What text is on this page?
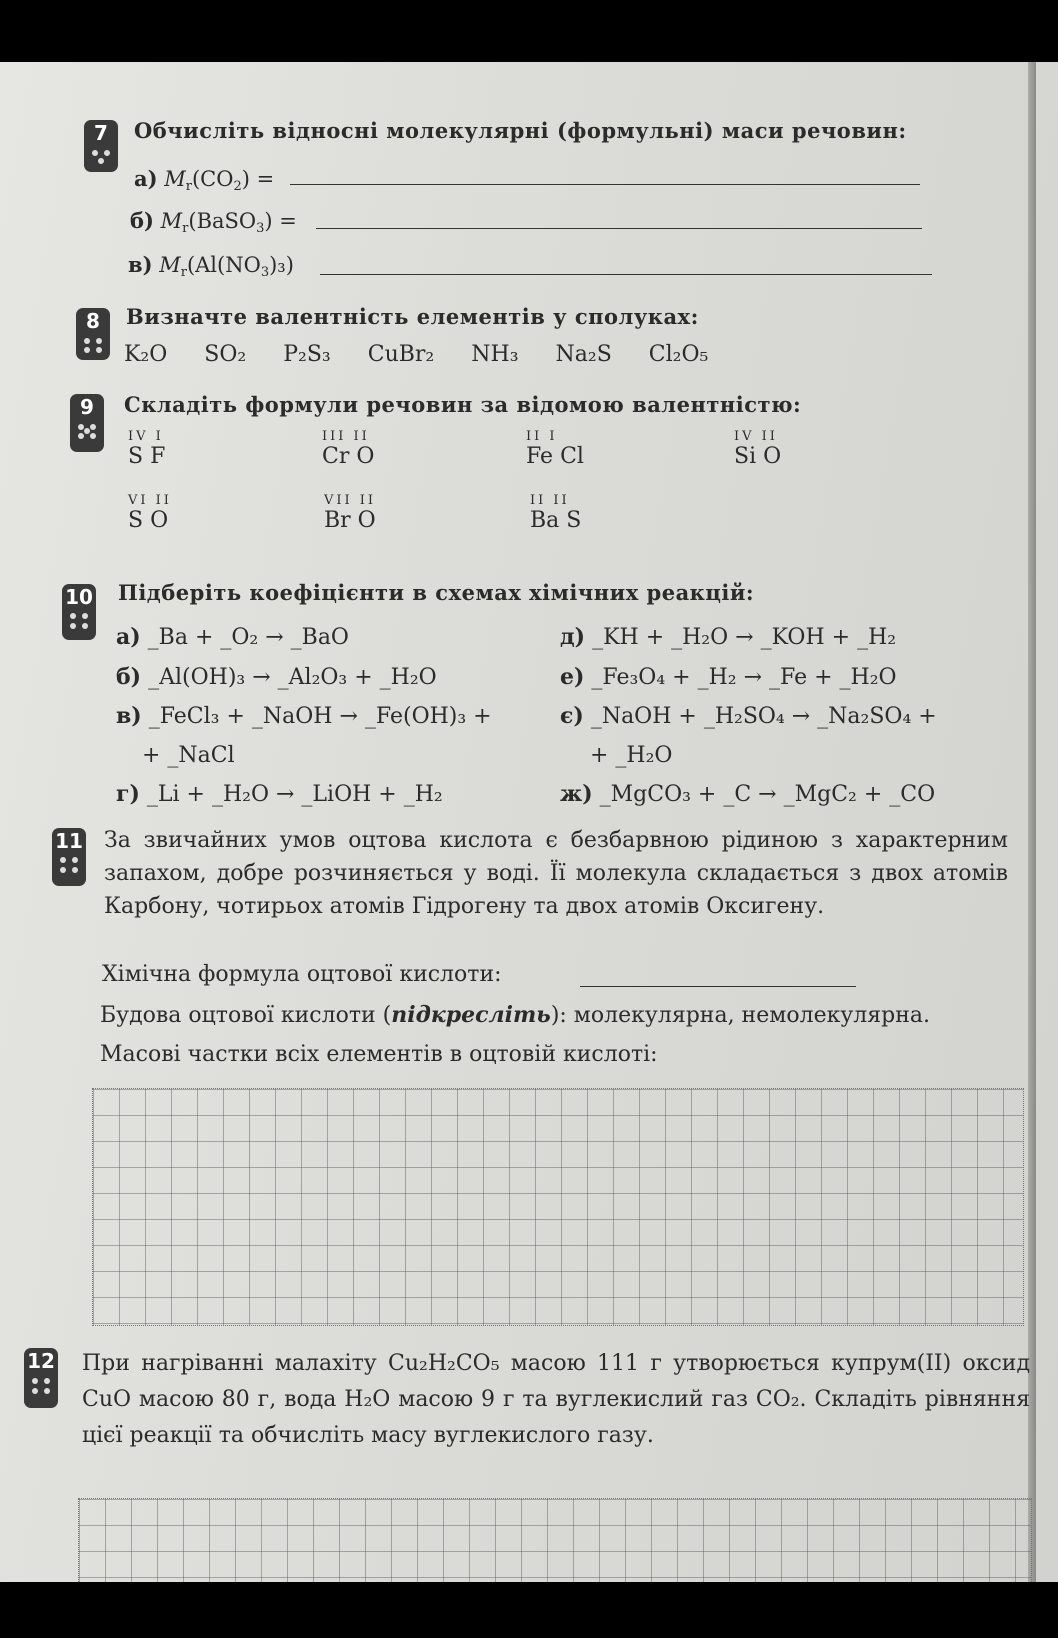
7	Обчисліть відносні молекулярні (формульні) маси речовин:
а) $M_r(CO_2)$ =
б) $M_r(BaSO_3)$ =
в) $M_r(Al(NO_3)_3)$
8	Визначте валентність елементів у сполуках:
K₂O SO₂ P₂S₃ CuBr₂ NH₃ Na₂S Cl₂O₅
9	Складіть формули речовин за відомою валентністю:
IV I
S F
III II
Cr O
II I
Fe Cl
IV II
Si O
VI II
S O
VII II
Br O
II II
Ba S
10 Підберіть коефіцієнти в схемах хімічних реакцій:
а) _Ba + _O₂ → _BaO
б) _Al(OH)₃ → _Al₂O₃ + _H₂O
в) _FeCl₃ + _NaOH → _Fe(OH)₃ +
+ _NaCl
г) _Li + _H₂O → _LiOH + _H₂
д) _KH + _H₂O → _KOH + _H₂
е) _Fe₃O₄ + _H₂ → _Fe + _H₂O
є) _NaOH + _H₂SO₄ → _Na₂SO₄ +
+ _H₂O
ж) _MgCO₃ + _C → _MgC₂ + _CO
11 За звичайних умов оцтова кислота є безбарвною рідиною з характерним запахом, добре розчиняється у воді. Її молекула складається з двох атомів Карбону, чотирьох атомів Гідрогену та двох атомів Оксигену.
Хімічна формула оцтової кислоти:
Будова оцтової кислоти (підкресліть): молекулярна, немолекулярна.
Масові частки всіх елементів в оцтовій кислоті:
12 При нагріванні малахіту Cu₂H₂CO₅ масою 111 г утворюється купрум(II) оксид CuO масою 80 г, вода H₂O масою 9 г та вуглекислий газ CO₂. Складіть рівняння цієї реакції та обчисліть масу вуглекислого газу.
